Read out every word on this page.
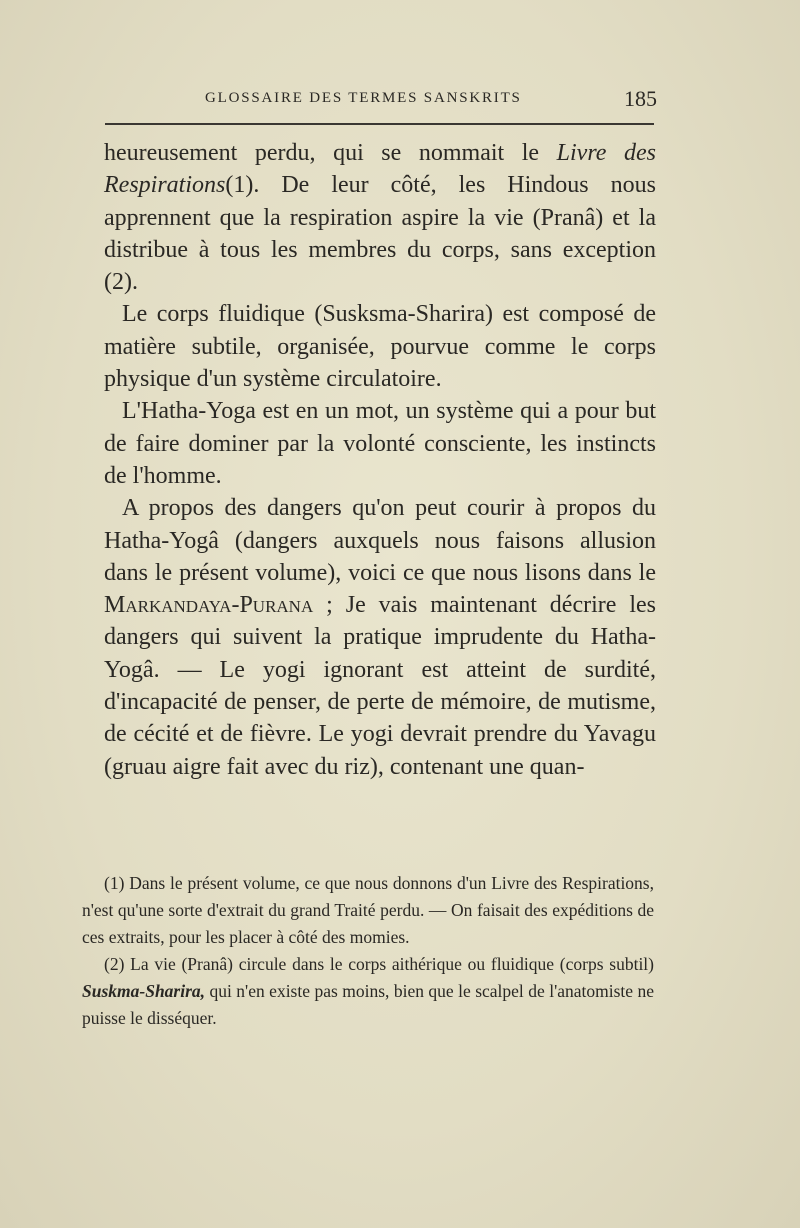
GLOSSAIRE DES TERMES SANSKRITS	185

heureusement perdu, qui se nommait le Livre des Respirations(1). De leur côté, les Hindous nous apprennent que la respiration aspire la vie (Pranâ) et la distribue à tous les membres du corps, sans exception (2).

Le corps fluidique (Susksma-Sharira) est composé de matière subtile, organisée, pourvue comme le corps physique d'un système circulatoire.

L'Hatha-Yoga est en un mot, un système qui a pour but de faire dominer par la volonté consciente, les instincts de l'homme.

A propos des dangers qu'on peut courir à propos du Hatha-Yogâ (dangers auxquels nous faisons allusion dans le présent volume), voici ce que nous lisons dans le Markandaya-Purana ; Je vais maintenant décrire les dangers qui suivent la pratique imprudente du Hatha-Yogâ. — Le yogi ignorant est atteint de surdité, d'incapacité de penser, de perte de mémoire, de mutisme, de cécité et de fièvre. Le yogi devrait prendre du Yavagu (gruau aigre fait avec du riz), contenant une quan-

(1) Dans le présent volume, ce que nous donnons d'un Livre des Respirations, n'est qu'une sorte d'extrait du grand Traité perdu. — On faisait des expéditions de ces extraits, pour les placer à côté des momies.

(2) La vie (Pranâ) circule dans le corps aithérique ou fluidique (corps subtil) Suskma-Sharira, qui n'en existe pas moins, bien que le scalpel de l'anatomiste ne puisse le disséquer.
